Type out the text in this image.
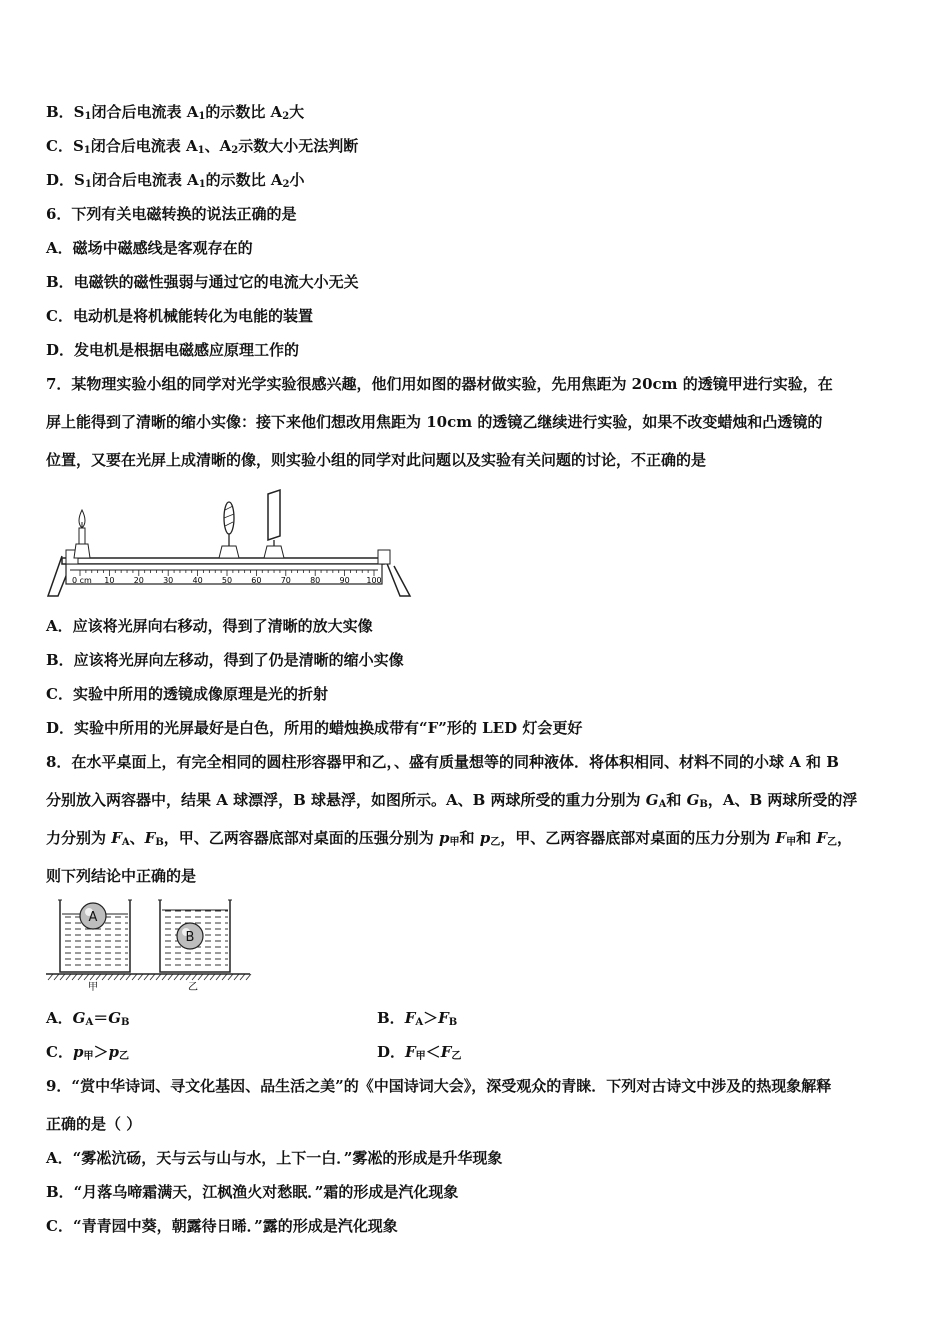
B．$S_1$闭合后电流表 $A_1$的示数比 $A_2$大
C．$S_1$闭合后电流表 $A_1$、$A_2$示数大小无法判断
D．$S_1$闭合后电流表 $A_1$的示数比 $A_2$小
6．下列有关电磁转换的说法正确的是
A．磁场中磁感线是客观存在的
B．电磁铁的磁性强弱与通过它的电流大小无关
C．电动机是将机械能转化为电能的装置
D．发电机是根据电磁感应原理工作的
7．某物理实验小组的同学对光学实验很感兴趣，他们用如图的器材做实验，先用焦距为 20cm 的透镜甲进行实验，在
屏上能得到了清晰的缩小实像：接下来他们想改用焦距为 10cm 的透镜乙继续进行实验，如果不改变蜡烛和凸透镜的
位置，又要在光屏上成清晰的像，则实验小组的同学对此问题以及实验有关问题的讨论，不正确的是
0 cm 10 20 30 40 50 60 70 80 90 100
A．应该将光屏向右移动，得到了清晰的放大实像
B．应该将光屏向左移动，得到了仍是清晰的缩小实像
C．实验中所用的透镜成像原理是光的折射
D．实验中所用的光屏最好是白色，所用的蜡烛换成带有“F”形的 LED 灯会更好
8．在水平桌面上，有完全相同的圆柱形容器甲和乙，、盛有质量想等的同种液体．将体积相同、材料不同的小球 A 和 B
分别放入两容器中，结果 A 球漂浮，B 球悬浮，如图所示。A、B 两球所受的重力分别为 $G_A$和 $G_B$，A、B 两球所受的浮
力分别为 $F_A$、$F_B$，甲、乙两容器底部对桌面的压强分别为 $p_甲$和 $p_乙$，甲、乙两容器底部对桌面的压力分别为 $F_甲$和 $F_乙$，
则下列结论中正确的是
A
B
甲	乙
A．$G_A=G_B$	B．$F_A>F_B$
C．$p_甲>p_乙$	D．$F_甲<F_乙$
9．“赏中华诗词、寻文化基因、品生活之美”的《中国诗词大会》，深受观众的青睐．下列对古诗文中涉及的热现象解释
正确的是（ ）
A．“雾凇沆砀，天与云与山与水，上下一白．”雾凇的形成是升华现象
B．“月落乌啼霜满天，江枫渔火对愁眠．”霜的形成是汽化现象
C．“青青园中葵，朝露待日晞．”露的形成是汽化现象
